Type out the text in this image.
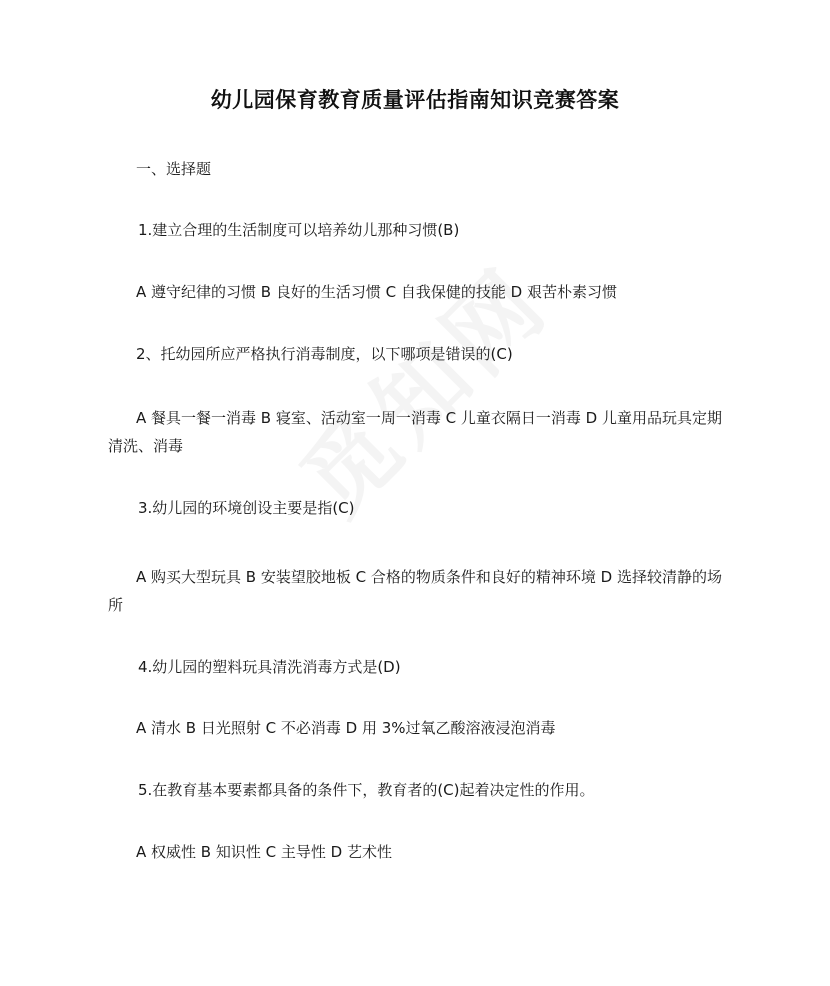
幼儿园保育教育质量评估指南知识竞赛答案
一、选择题
1.建立合理的生活制度可以培养幼儿那种习惯(B)
A 遵守纪律的习惯 B 良好的生活习惯 C 自我保健的技能 D 艰苦朴素习惯
2、托幼园所应严格执行消毒制度，以下哪项是错误的(C)
A 餐具一餐一消毒 B 寝室、活动室一周一消毒 C 儿童衣隔日一消毒 D 儿童用品玩具定期清洗、消毒
3.幼儿园的环境创设主要是指(C)
A 购买大型玩具 B 安装望胶地板 C 合格的物质条件和良好的精神环境 D 选择较清静的场所
4.幼儿园的塑料玩具清洗消毒方式是(D)
A 清水 B 日光照射 C 不必消毒 D 用 3%过氧乙酸溶液浸泡消毒
5.在教育基本要素都具备的条件下，教育者的(C)起着决定性的作用。
A 权威性 B 知识性 C 主导性 D 艺术性
